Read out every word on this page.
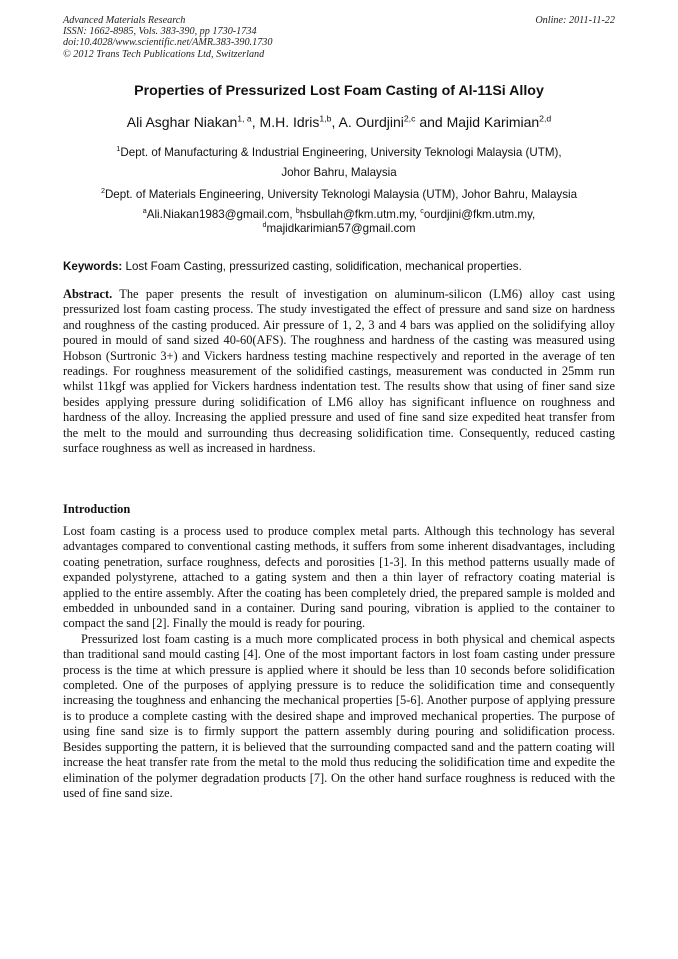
Advanced Materials Research
ISSN: 1662-8985, Vols. 383-390, pp 1730-1734
doi:10.4028/www.scientific.net/AMR.383-390.1730
© 2012 Trans Tech Publications Ltd, Switzerland
Online: 2011-11-22
Properties of Pressurized Lost Foam Casting of Al-11Si Alloy
Ali Asghar Niakan$^{1, a}$, M.H. Idris$^{1,b}$, A. Ourdjini$^{2,c}$ and Majid Karimian$^{2,d}$
$^1$Dept. of Manufacturing & Industrial Engineering, University Teknologi Malaysia (UTM),
Johor Bahru, Malaysia
$^2$Dept. of Materials Engineering, University Teknologi Malaysia (UTM), Johor Bahru, Malaysia
$^a$Ali.Niakan1983@gmail.com, $^b$hsbullah@fkm.utm.my, $^c$ourdjini@fkm.utm.my,
$^d$majidkarimian57@gmail.com
Keywords: Lost Foam Casting, pressurized casting, solidification, mechanical properties.

Abstract. The paper presents the result of investigation on aluminum-silicon (LM6) alloy cast using pressurized lost foam casting process. The study investigated the effect of pressure and sand size on hardness and roughness of the casting produced. Air pressure of 1, 2, 3 and 4 bars was applied on the solidifying alloy poured in mould of sand sized 40-60(AFS). The roughness and hardness of the casting was measured using Hobson (Surtronic 3+) and Vickers hardness testing machine respectively and reported in the average of ten readings. For roughness measurement of the solidified castings, measurement was conducted in 25mm run whilst 11kgf was applied for Vickers hardness indentation test. The results show that using of finer sand size besides applying pressure during solidification of LM6 alloy has significant influence on roughness and hardness of the alloy. Increasing the applied pressure and used of fine sand size expedited heat transfer from the melt to the mould and surrounding thus decreasing solidification time. Consequently, reduced casting surface roughness as well as increased in hardness.

Introduction

Lost foam casting is a process used to produce complex metal parts. Although this technology has several advantages compared to conventional casting methods, it suffers from some inherent disadvantages, including coating penetration, surface roughness, defects and porosities [1-3]. In this method patterns usually made of expanded polystyrene, attached to a gating system and then a thin layer of refractory coating material is applied to the entire assembly. After the coating has been completely dried, the prepared sample is molded and embedded in unbounded sand in a container. During sand pouring, vibration is applied to the container to compact the sand [2]. Finally the mould is ready for pouring.

Pressurized lost foam casting is a much more complicated process in both physical and chemical aspects than traditional sand mould casting [4]. One of the most important factors in lost foam casting under pressure process is the time at which pressure is applied where it should be less than 10 seconds before solidification completed. One of the purposes of applying pressure is to reduce the solidification time and consequently increasing the toughness and enhancing the mechanical properties [5-6]. Another purpose of applying pressure is to produce a complete casting with the desired shape and improved mechanical properties. The purpose of using fine sand size is to firmly support the pattern assembly during pouring and solidification process. Besides supporting the pattern, it is believed that the surrounding compacted sand and the pattern coating will increase the heat transfer rate from the metal to the mold thus reducing the solidification time and expedite the elimination of the polymer degradation products [7]. On the other hand surface roughness is reduced with the used of fine sand size.
